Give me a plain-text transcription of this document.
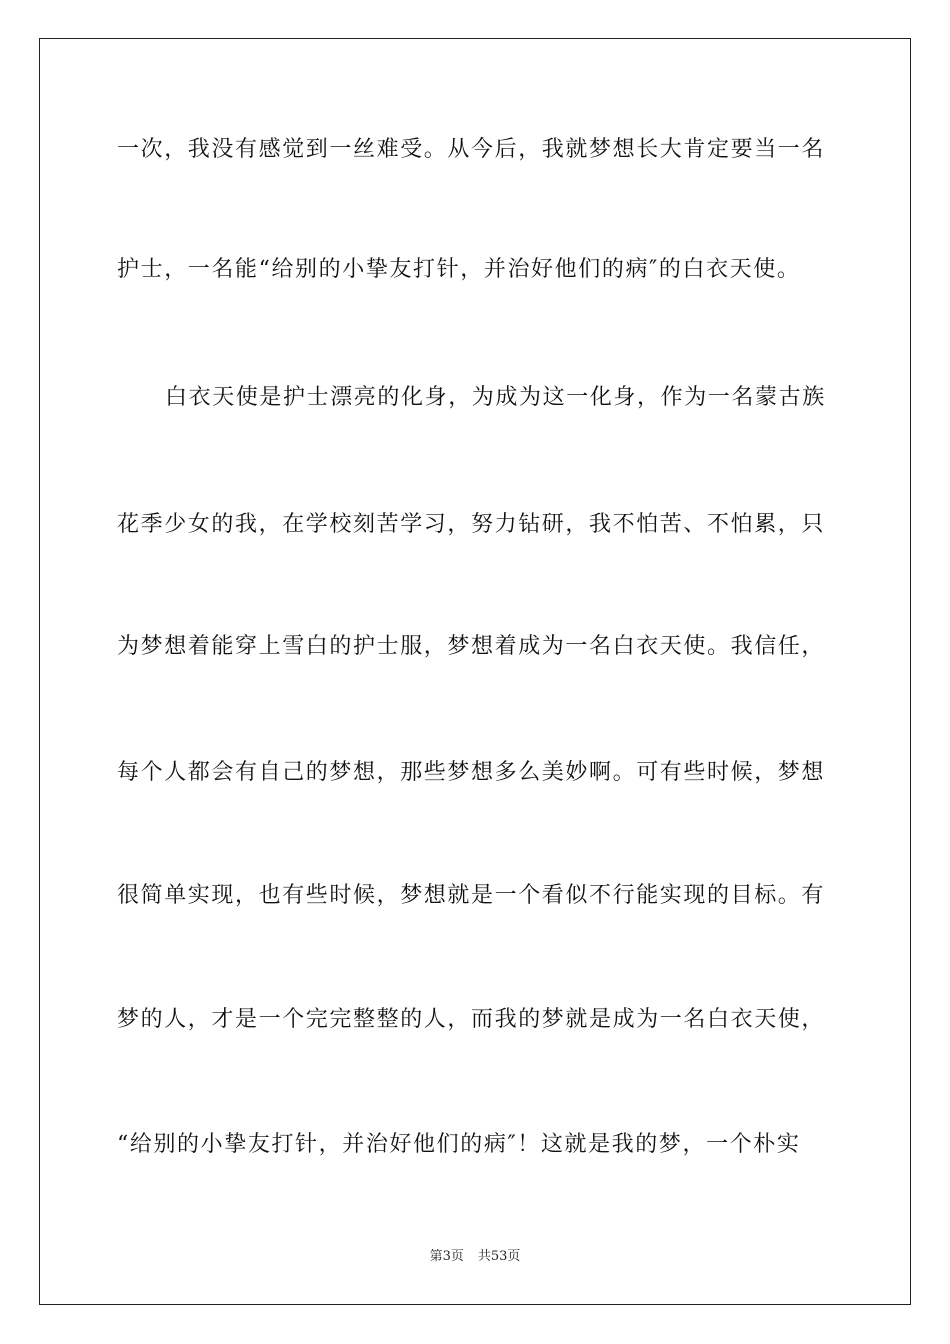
一次，我没有感觉到一丝难受。从今后，我就梦想长大肯定要当一名
护士，一名能“给别的小挚友打针，并治好他们的病″的白衣天使。
白衣天使是护士漂亮的化身，为成为这一化身，作为一名蒙古族
花季少女的我，在学校刻苦学习，努力钻研，我不怕苦、不怕累，只
为梦想着能穿上雪白的护士服，梦想着成为一名白衣天使。我信任，
每个人都会有自己的梦想，那些梦想多么美妙啊。可有些时候，梦想
很简单实现，也有些时候，梦想就是一个看似不行能实现的目标。有
梦的人，才是一个完完整整的人，而我的梦就是成为一名白衣天使，
“给别的小挚友打针，并治好他们的病″！这就是我的梦，一个朴实
第3页 共53页
